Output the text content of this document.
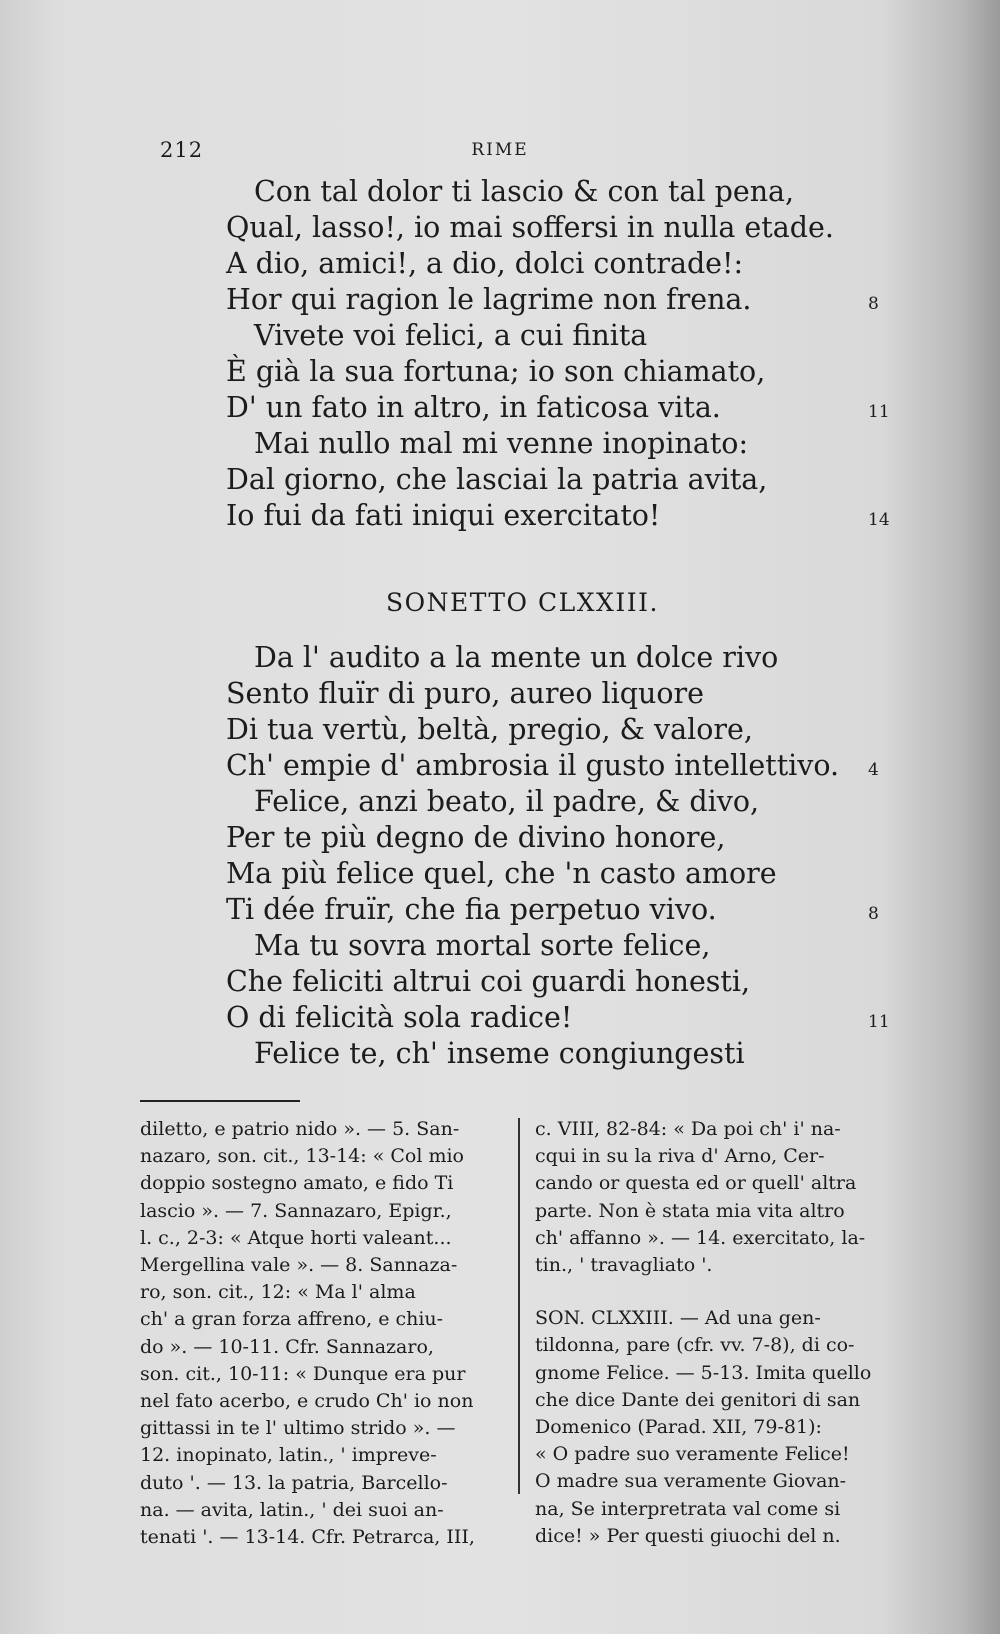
212	RIME
Con tal dolor ti lascio & con tal pena,
Qual, lasso!, io mai soffersi in nulla etade.
A dio, amici!, a dio, dolci contrade!:
Hor qui ragion le lagrime non frena.	8
Vivete voi felici, a cui finita
È già la sua fortuna; io son chiamato,
D' un fato in altro, in faticosa vita.	11
Mai nullo mal mi venne inopinato:
Dal giorno, che lasciai la patria avita,
Io fui da fati iniqui exercitato!	14
Da l' audito a la mente un dolce rivo
Sento fluïr di puro, aureo liquore
Di tua vertù, beltà, pregio, & valore,
Ch' empie d' ambrosia il gusto intellettivo. 4
Felice, anzi beato, il padre, & divo,
Per te più degno de divino honore,
Ma più felice quel, che 'n casto amore
Ti dée fruïr, che fia perpetuo vivo.	8
Ma tu sovra mortal sorte felice,
Che feliciti altrui coi guardi honesti,
O di felicità sola radice!	11
Felice te, ch' inseme congiungesti
SONETTO CLXXIII.
diletto, e patrio nido ». — 5. San-
nazaro, son. cit., 13-14: « Col mio
doppio sostegno amato, e fido Ti
lascio ». — 7. Sannazaro, Epigr.,
l. c., 2-3: « Atque horti valeant...
Mergellina vale ». — 8. Sannaza-
ro, son. cit., 12: « Ma l' alma
ch' a gran forza affreno, e chiu-
do ». — 10-11. Cfr. Sannazaro,
son. cit., 10-11: « Dunque era pur
nel fato acerbo, e crudo Ch' io non
gittassi in te l' ultimo strido ». —
12. inopinato, latin., ' impreve-
duto '. — 13. la patria, Barcello-
na. — avita, latin., ' dei suoi an-
tenati '. — 13-14. Cfr. Petrarca, III,
c. VIII, 82-84: « Da poi ch' i' na-
cqui in su la riva d' Arno, Cer-
cando or questa ed or quell' altra
parte. Non è stata mia vita altro
ch' affanno ». — 14. exercitato, la-
tin., ' travagliato '.
SON. CLXXIII. — Ad una gen-
tildonna, pare (cfr. vv. 7-8), di co-
gnome Felice. — 5-13. Imita quello
che dice Dante dei genitori di san
Domenico (Parad. XII, 79-81):
« O padre suo veramente Felice!
O madre sua veramente Giovan-
na, Se interpretrata val come si
dice! » Per questi giuochi del n.
